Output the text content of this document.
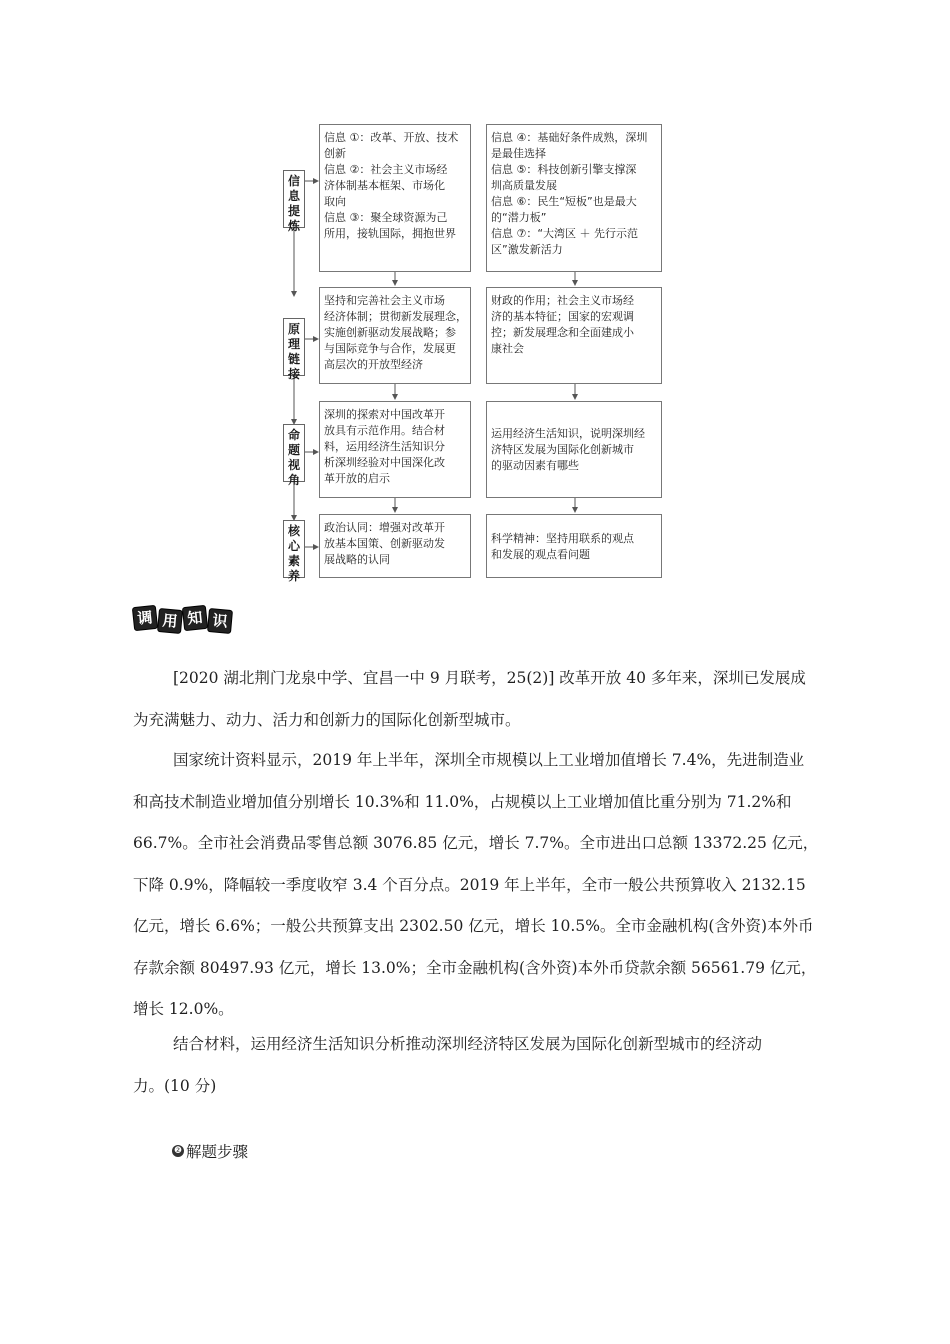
信
息
提
炼
原
理
链
接
命
题
视
角
核
心
素
养
信息 ①：改革、开放、技术
创新
信息 ②：社会主义市场经
济体制基本框架、市场化
取向
信息 ③：聚全球资源为己
所用，接轨国际，拥抱世界
信息 ④：基础好条件成熟，深圳
是最佳选择
信息 ⑤：科技创新引擎支撑深
圳高质量发展
信息 ⑥：民生“短板”也是最大
的“潜力板”
信息 ⑦：“大湾区 ＋ 先行示范
区”激发新活力
坚持和完善社会主义市场
经济体制；贯彻新发展理念，
实施创新驱动发展战略；参
与国际竞争与合作，发展更
高层次的开放型经济
财政的作用；社会主义市场经
济的基本特征；国家的宏观调
控；新发展理念和全面建成小
康社会
深圳的探索对中国改革开
放具有示范作用。结合材
料，运用经济生活知识分
析深圳经验对中国深化改
革开放的启示
运用经济生活知识，说明深圳经
济特区发展为国际化创新城市
的驱动因素有哪些
政治认同：增强对改革开
放基本国策、创新驱动发
展战略的认同
科学精神：坚持用联系的观点
和发展的观点看问题
调 用 知 识
[2020 湖北荆门龙泉中学、宜昌一中 9 月联考，25(2)] 改革开放 40 多年来，深圳已发展成
为充满魅力、动力、活力和创新力的国际化创新型城市。
国家统计资料显示，2019 年上半年，深圳全市规模以上工业增加值增长 7.4%，先进制造业
和高技术制造业增加值分别增长 10.3%和 11.0%，占规模以上工业增加值比重分别为 71.2%和
66.7%。全市社会消费品零售总额 3076.85 亿元，增长 7.7%。全市进出口总额 13372.25 亿元，
下降 0.9%，降幅较一季度收窄 3.4 个百分点。2019 年上半年，全市一般公共预算收入 2132.15
亿元，增长 6.6%；一般公共预算支出 2302.50 亿元，增长 10.5%。全市金融机构(含外资)本外币
存款余额 80497.93 亿元，增长 13.0%；全市金融机构(含外资)本外币贷款余额 56561.79 亿元，
增长 12.0%。
结合材料，运用经济生活知识分析推动深圳经济特区发展为国际化创新型城市的经济动
力。(10 分)
❷ 解题步骤
